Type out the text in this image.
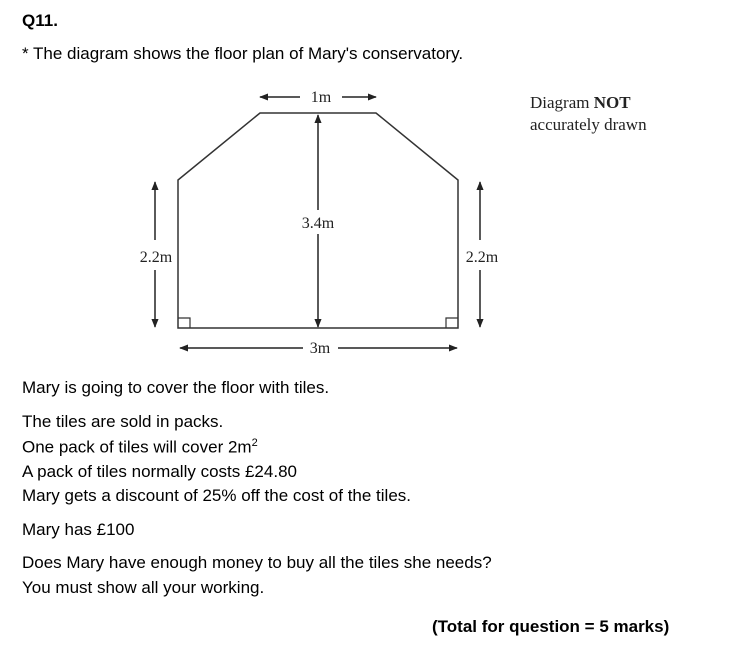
Q11.
* The diagram shows the floor plan of Mary's conservatory.
Diagram NOT
accurately drawn
1m
3.4m
2.2m	2.2m
3m
Mary is going to cover the floor with tiles.
The tiles are sold in packs.
One pack of tiles will cover $2m^2$
A pack of tiles normally costs £24.80
Mary gets a discount of 25% off the cost of the tiles.
Mary has £100
Does Mary have enough money to buy all the tiles she needs?
You must show all your working.
(Total for question = 5 marks)
